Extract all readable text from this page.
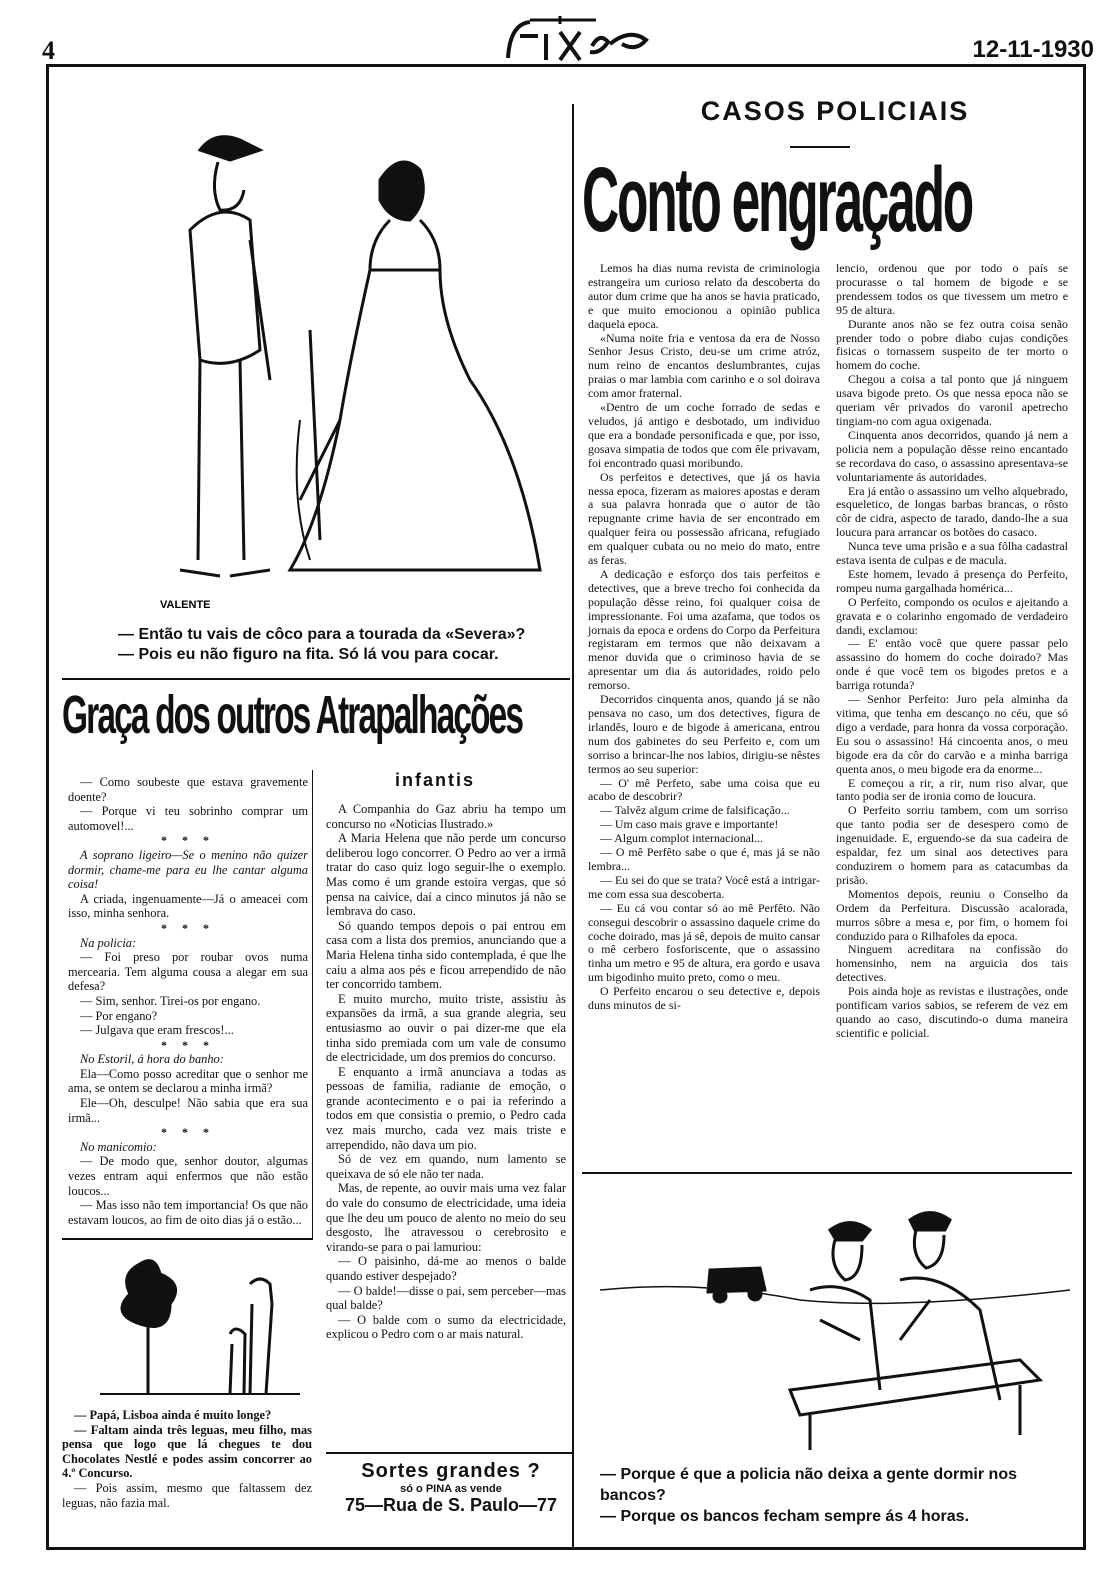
4	12-11-1930
VALENTE
— Então tu vais de côco para a tourada da «Severa»?
— Pois eu não figuro na fita. Só lá vou para cocar.
Graça dos outros Atrapalhações

— Como soubeste que estava gravemente doente?

— Porque vi teu sobrinho comprar um automovel!...

* * *

A soprano ligeiro—Se o menino não quizer dormir, chame-me para eu lhe cantar alguma coisa!

A criada, ingenuamente—Já o ameacei com isso, minha senhora.

* * *

Na policia:

— Foi preso por roubar ovos numa mercearia. Tem alguma cousa a alegar em sua defesa?

— Sim, senhor. Tirei-os por engano.

— Por engano?

— Julgava que eram frescos!...

* * *

No Estoril, á hora do banho:

Ela—Como posso acreditar que o senhor me ama, se ontem se declarou a minha irmã?

Ele—Oh, desculpe! Não sabia que era sua irmã...

* * *

No manicomio:

— De modo que, senhor doutor, algumas vezes entram aqui enfermos que não estão loucos...

— Mas isso não tem importancia! Os que não estavam loucos, ao fim de oito dias já o estão...

— Papá, Lisboa ainda é muito longe?

— Faltam ainda três leguas, meu filho, mas pensa que logo que lá chegues te dou Chocolates Nestlé e podes assim concorrer ao 4.º Concurso.

— Pois assim, mesmo que faltassem dez leguas, não fazia mal.

infantis

A Companhia do Gaz abriu ha tempo um concurso no «Noticias Ilustrado.»

A Maria Helena que não perde um concurso deliberou logo concorrer. O Pedro ao ver a irmã tratar do caso quiz logo seguir-lhe o exemplo. Mas como é um grande estoira vergas, que só pensa na caivice, daí a cinco minutos já não se lembrava do caso.

Só quando tempos depois o pai entrou em casa com a lista dos premios, anunciando que a Maria Helena tinha sido contemplada, é que lhe caiu a alma aos pés e ficou arrependido de não ter concorrido tambem.

E muito murcho, muito triste, assistiu às expansões da irmã, a sua grande alegria, seu entusiasmo ao ouvir o pai dizer-me que ela tinha sido premiada com um vale de consumo de electricidade, um dos premios do concurso.

E enquanto a irmã anunciava a todas as pessoas de familia, radiante de emoção, o grande acontecimento e o pai ia referindo a todos em que consistia o premio, o Pedro cada vez mais murcho, cada vez mais triste e arrependido, não dava um pio.

Só de vez em quando, num lamento se queixava de só ele não ter nada.

Mas, de repente, ao ouvir mais uma vez falar do vale do consumo de electricidade, uma ideia que lhe deu um pouco de alento no meio do seu desgosto, lhe atravessou o cerebrosito e virando-se para o pai lamuriou:

— O paisinho, dá-me ao menos o balde quando estiver despejado?

— O balde!—disse o pai, sem perceber—mas qual balde?

— O balde com o sumo da electricidade, explicou o Pedro com o ar mais natural.

Sortes grandes ?
só o PINA as vende
75—Rua de S. Paulo—77
CASOS POLICIAIS
Conto engraçado

Lemos ha dias numa revista de criminologia estrangeira um curioso relato da descoberta do autor dum crime que ha anos se havia praticado, e que muito emocionou a opinião publica daquela epoca.

«Numa noite fria e ventosa da era de Nosso Senhor Jesus Cristo, deu-se um crime atróz, num reino de encantos deslumbrantes, cujas praias o mar lambia com carinho e o sol doirava com amor fraternal.

«Dentro de um coche forrado de sedas e veludos, já antigo e desbotado, um individuo que era a bondade personificada e que, por isso, gosava simpatia de todos que com êle privavam, foi encontrado quasi moribundo.

Os perfeitos e detectives, que já os havia nessa epoca, fizeram as maiores apostas e deram a sua palavra honrada que o autor de tão repugnante crime havia de ser encontrado em qualquer feira ou possessão africana, refugiado em qualquer cubata ou no meio do mato, entre as feras.

A dedicação e esforço dos tais perfeitos e detectives, que a breve trecho foi conhecida da população dêsse reino, foi qualquer coisa de impressionante. Foi uma azafama, que todos os jornais da epoca e ordens do Corpo da Perfeitura registaram em termos que não deixavam a menor duvida que o criminoso havia de se apresentar um dia ás autoridades, roido pelo remorso.

Decorridos cinquenta anos, quando já se não pensava no caso, um dos detectives, figura de irlandês, louro e de bigode á americana, entrou num dos gabinetes do seu Perfeito e, com um sorriso a brincar-lhe nos labios, dirigiu-se nêstes termos ao seu superior:

— O' mê Perfeto, sabe uma coisa que eu acabo de descobrir?

— Talvêz algum crime de falsificação...

— Um caso mais grave e importante!

— Algum complot internacional...

— O mê Perfêto sabe o que é, mas já se não lembra...

— Eu sei do que se trata? Você está a intrigar-me com essa sua descoberta.

— Eu cá vou contar só ao mê Perfêto. Não consegui descobrir o assassino daquele crime do coche doirado, mas já sê, depois de muito cansar o mê cerbero fosforiscente, que o assassino tinha um metro e 95 de altura, era gordo e usava um bigodinho muito preto, como o meu.

O Perfeito encarou o seu detective e, depois duns minutos de si-

lencio, ordenou que por todo o país se procurasse o tal homem de bigode e se prendessem todos os que tivessem um metro e 95 de altura.

Durante anos não se fez outra coisa senão prender todo o pobre diabo cujas condições fisicas o tornassem suspeito de ter morto o homem do coche.

Chegou a coisa a tal ponto que já ninguem usava bigode preto. Os que nessa epoca não se queriam vêr privados do varonil apetrecho tingiam-no com agua oxigenada.

Cinquenta anos decorridos, quando já nem a policia nem a população dêsse reino encantado se recordava do caso, o assassino apresentava-se voluntariamente ás autoridades.

Era já então o assassino um velho alquebrado, esqueletico, de longas barbas brancas, o rôsto côr de cidra, aspecto de tarado, dando-lhe a sua loucura para arrancar os botões do casaco.

Nunca teve uma prisão e a sua fôlha cadastral estava isenta de culpas e de macula.

Este homem, levado á presença do Perfeito, rompeu numa gargalhada homérica...

O Perfeito, compondo os oculos e ajeitando a gravata e o colarinho engomado de verdadeiro dandi, exclamou:

— E' então você que quere passar pelo assassino do homem do coche doirado? Mas onde é que você tem os bigodes pretos e a barriga rotunda?

— Senhor Perfeito: Juro pela alminha da vitima, que tenha em descanço no céu, que só digo a verdade, para honra da vossa corporação. Eu sou o assassino! Há cincoenta anos, o meu bigode era da côr do carvão e a minha barriga quenta anos, o meu bigode era da enorme...

E começou a rir, a rir, num riso alvar, que tanto podia ser de ironia como de loucura.

O Perfeito sorriu tambem, com um sorriso que tanto podia ser de desespero como de ingenuidade. E, erguendo-se da sua cadeira de espaldar, fez um sinal aos detectives para conduzirem o homem para as catacumbas da prisão.

Momentos depois, reuniu o Conselho da Ordem da Perfeitura. Discussão acalorada, murros sôbre a mesa e, por fim, o homem foi conduzido para o Rilhafoles da epoca.

Ninguem acreditara na confissão do homensinho, nem na arguicia dos tais detectives.

Pois ainda hoje as revistas e ilustrações, onde pontificam varios sabios, se referem de vez em quando ao caso, discutindo-o duma maneira scientific e policial.

— Porque é que a policia não deixa a gente dormir nos bancos?
— Porque os bancos fecham sempre ás 4 horas.
